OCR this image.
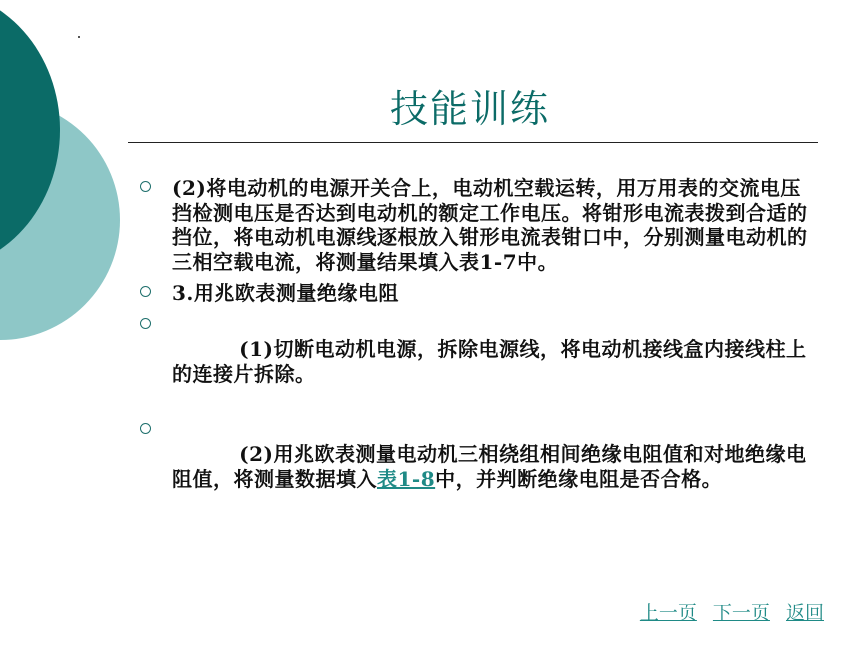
技能训练
(2)将电动机的电源开关合上，电动机空载运转，用万用表的交流电压挡检测电压是否达到电动机的额定工作电压。将钳形电流表拨到合适的挡位，将电动机电源线逐根放入钳形电流表钳口中，分别测量电动机的三相空载电流，将测量结果填入表1-7中。
3.用兆欧表测量绝缘电阻

(1)切断电动机电源，拆除电源线，将电动机接线盒内接线柱上的连接片拆除。

(2)用兆欧表测量电动机三相绕组相间绝缘电阻值和对地绝缘电阻值，将测量数据填入表1-8中，并判断绝缘电阻是否合格。

上一页 下一页 返回
